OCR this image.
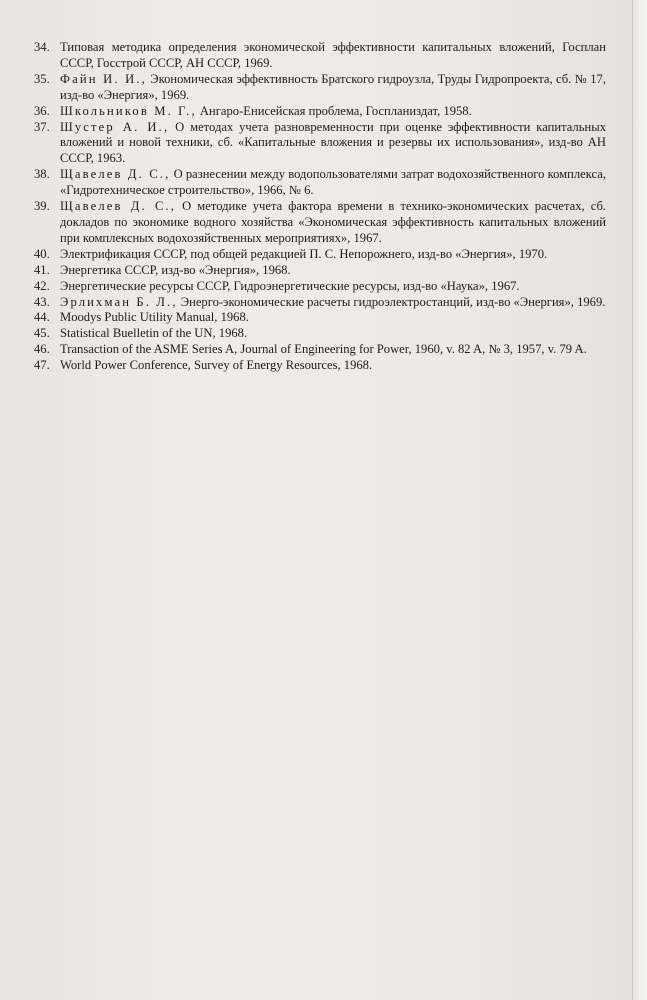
34. Типовая методика определения экономической эффективности капитальных вложений, Госплан СССР, Госстрой СССР, АН СССР, 1969.
35. Файн И. И., Экономическая эффективность Братского гидроузла, Труды Гидропроекта, сб. № 17, изд-во «Энергия», 1969.
36. Школьников М. Г., Ангаро-Енисейская проблема, Госпланиздат, 1958.
37. Шустер А. И., О методах учета разновременности при оценке эффективности капитальных вложений и новой техники, сб. «Капитальные вложения и резервы их использования», изд-во АН СССР, 1963.
38. Щавелев Д. С., О разнесении между водопользователями затрат водохозяйственного комплекса, «Гидротехническое строительство», 1966, № 6.
39. Щавелев Д. С., О методике учета фактора времени в технико-экономических расчетах, сб. докладов по экономике водного хозяйства «Экономическая эффективность капитальных вложений при комплексных водохозяйственных мероприятиях», 1967.
40. Электрификация СССР, под общей редакцией П. С. Непорожнего, изд-во «Энергия», 1970.
41. Энергетика СССР, изд-во «Энергия», 1968.
42. Энергетические ресурсы СССР, Гидроэнергетические ресурсы, изд-во «Наука», 1967.
43. Эрлихман Б. Л., Энерго-экономические расчеты гидроэлектростанций, изд-во «Энергия», 1969.
44. Moodys Public Utility Manual, 1968.
45. Statistical Buelletin of the UN, 1968.
46. Transaction of the ASME Series A, Journal of Engineering for Power, 1960, v. 82 A, № 3, 1957, v. 79 A.
47. World Power Conference, Survey of Energy Resources, 1968.
